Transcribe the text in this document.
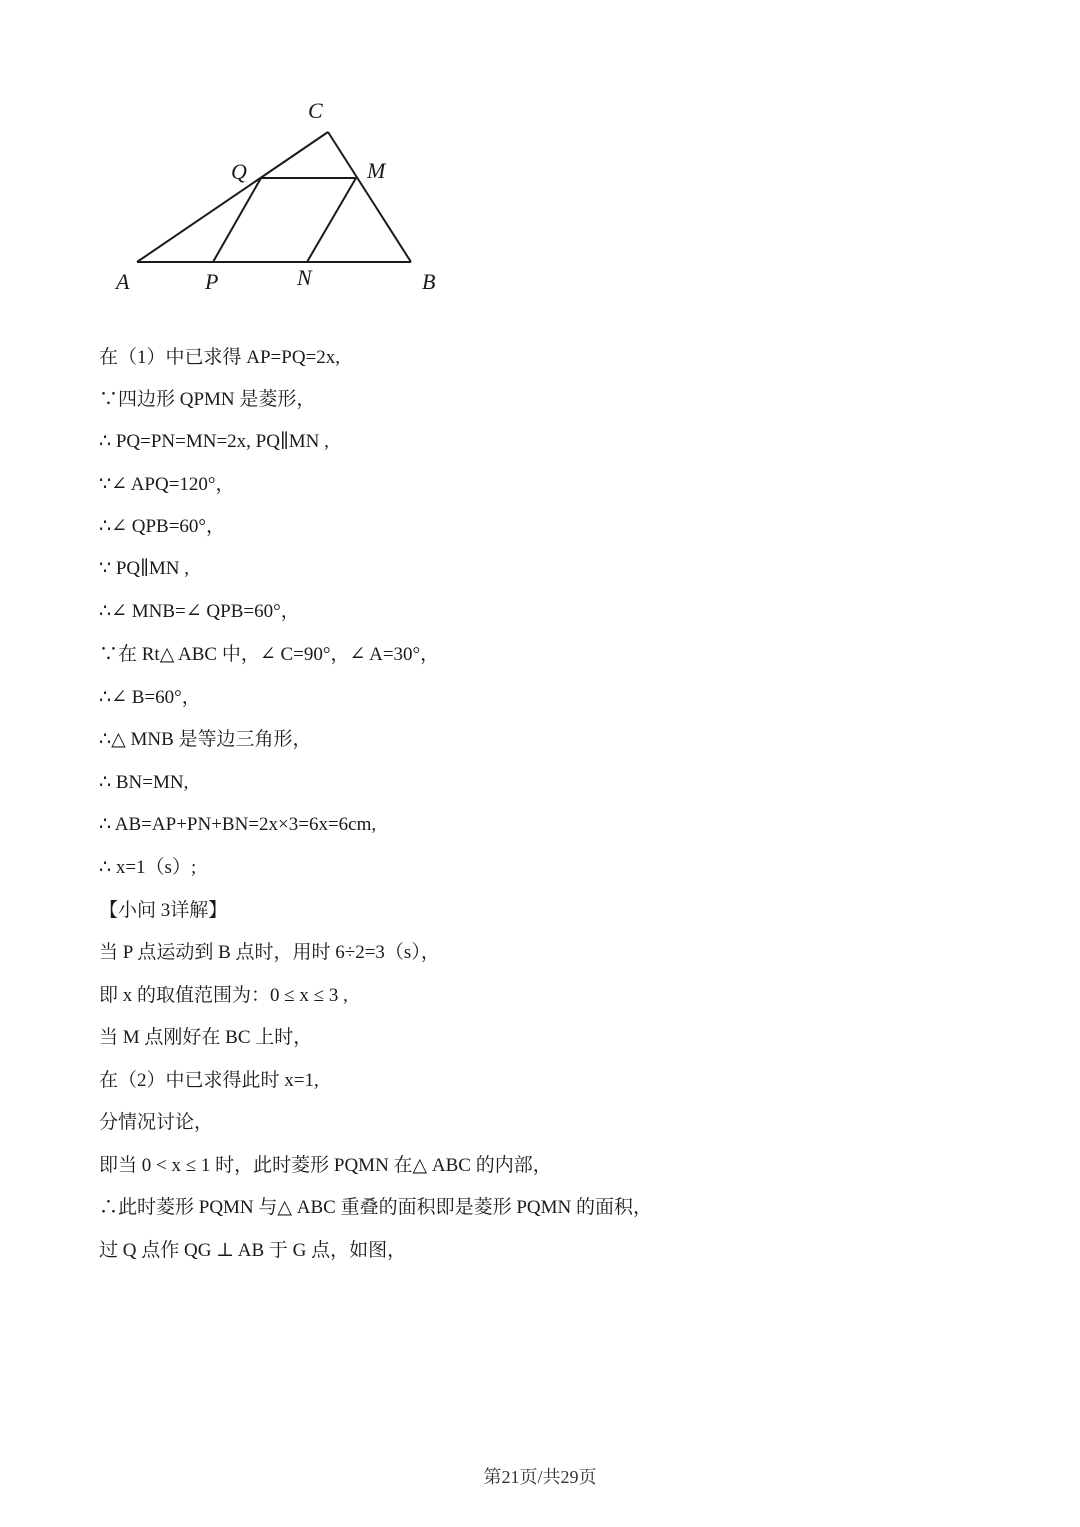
C
Q	M
A	P	N	B
在（1）中已求得 AP=PQ=2x,
∵四边形 QPMN 是菱形，
∴ PQ=PN=MN=2x, PQ∥MN ,
∵∠ APQ=120°，
∴∠ QPB=60°，
∵ PQ∥MN ,
∴∠ MNB=∠ QPB=60°，
∵在 Rt△ ABC 中，∠ C=90°，∠ A=30°，
∴∠ B=60°，
∴△ MNB 是等边三角形，
∴ BN=MN,
∴ AB=AP+PN+BN=2x×3=6x=6cm,
∴ x=1（s）;
【小问 3详解】
当 P 点运动到 B 点时，用时 6÷2=3（s），
即 x 的取值范围为：0 ≤ x ≤ 3 ,
当 M 点刚好在 BC 上时，
在（2）中已求得此时 x=1,
分情况讨论，
即当 0 < x ≤ 1 时，此时菱形 PQMN 在△ ABC 的内部，
∴此时菱形 PQMN 与△ ABC 重叠的面积即是菱形 PQMN 的面积，
过 Q 点作 QG ⊥ AB 于 G 点，如图，
第21页/共29页
